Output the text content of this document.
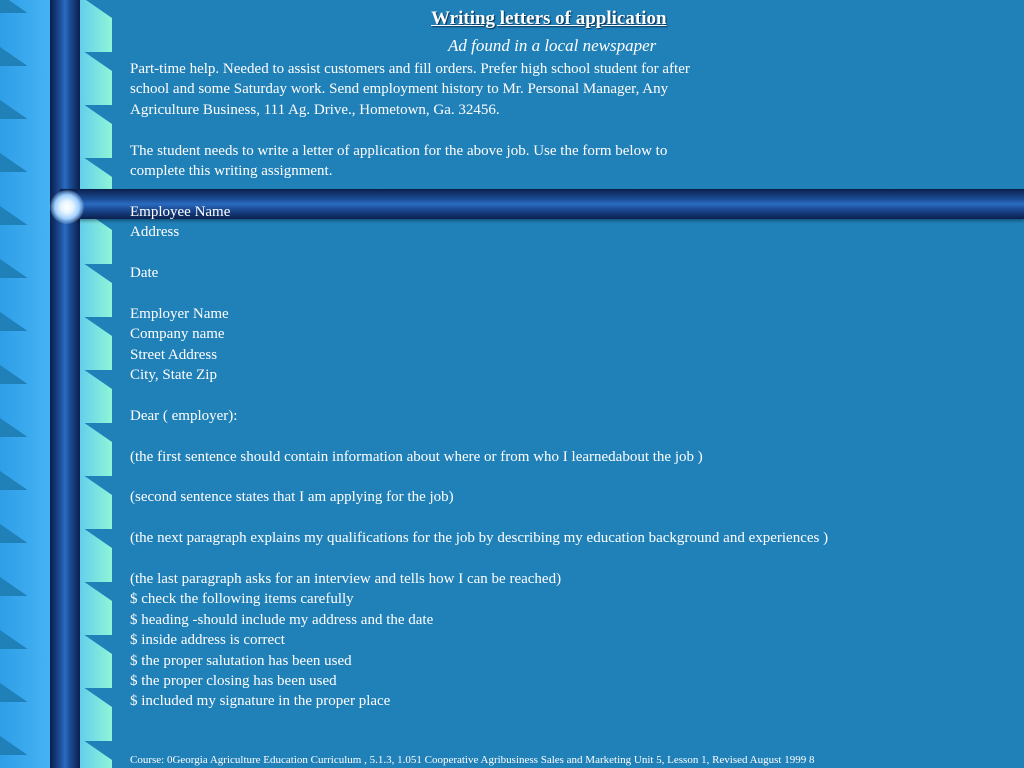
Writing letters of application

Ad found in a local newspaper

Part-time help. Needed to assist customers and fill orders. Prefer high school student for after school and some Saturday work. Send employment history to Mr. Personal Manager, Any Agriculture Business, 111 Ag. Drive., Hometown, Ga. 32456.

The student needs to write a letter of application for the above job. Use the form below to complete this writing assignment.

Employee Name

Address

Date

Employer Name

Company name

Street Address

City, State Zip

Dear ( employer):

(the first sentence should contain information about where or from who I learnedabout the job )

(second sentence states that I am applying for the job)

(the next paragraph explains my qualifications for the job by describing my education background and experiences )

(the last paragraph asks for an interview and tells how I can be reached)

$ check the following items carefully

$ heading -should include my address and the date

$ inside address is correct

$ the proper salutation has been used

$ the proper closing has been used

$ included my signature in the proper place

Course: 0Georgia Agriculture Education Curriculum , 5.1.3, 1.051 Cooperative Agribusiness Sales and Marketing Unit 5, Lesson 1, Revised August 1999 8
